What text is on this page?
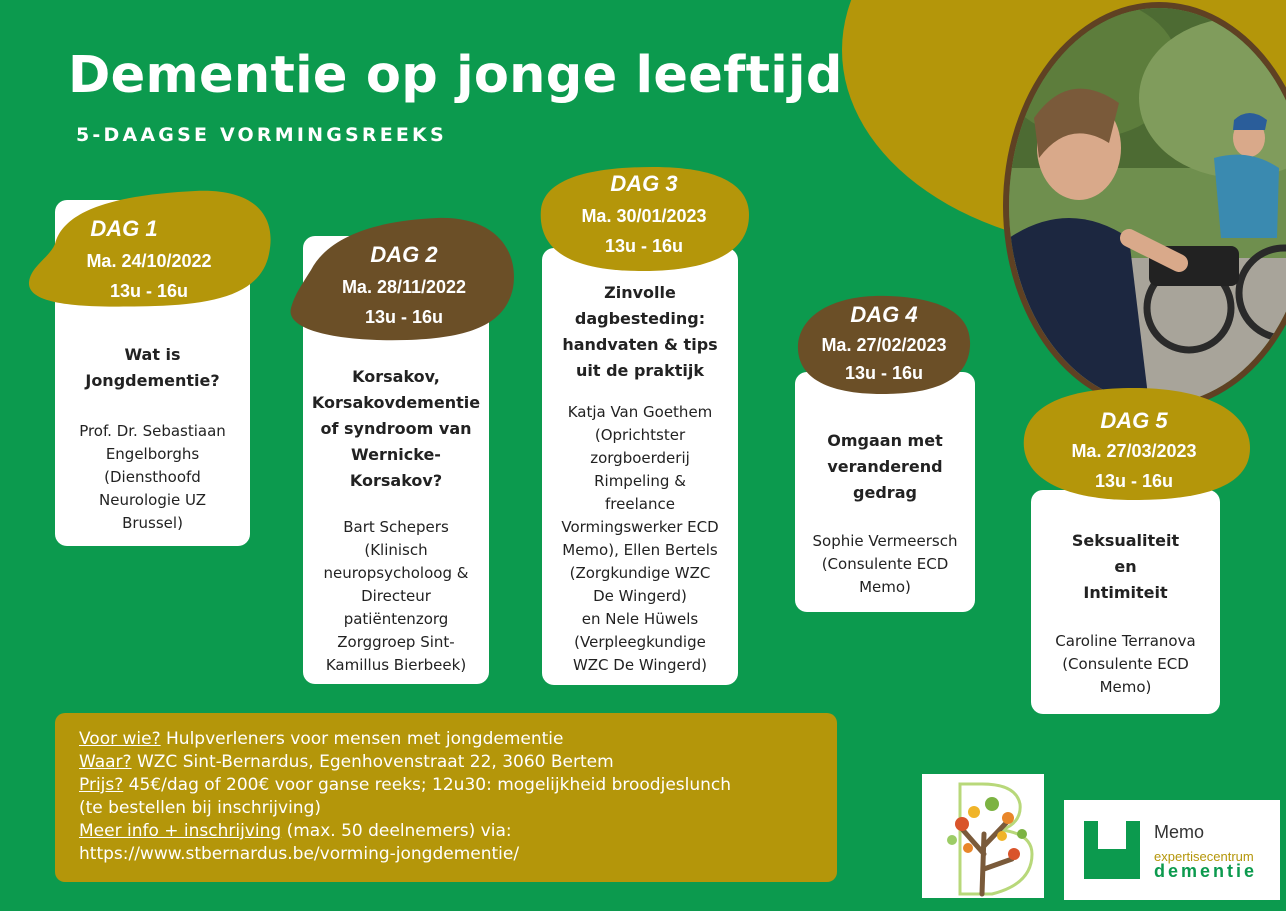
Dementie op jonge leeftijd
5-DAAGSE VORMINGSREEKS
Wat is
Jongdementie?
Prof. Dr. Sebastiaan
Engelborghs
(Diensthoofd
Neurologie UZ
Brussel)
DAG 1
Ma. 24/10/2022
13u - 16u
Korsakov,
Korsakovdementie
of syndroom van
Wernicke-
Korsakov?
Bart Schepers
(Klinisch
neuropsycholoog &
Directeur
patiëntenzorg
Zorggroep Sint-
Kamillus Bierbeek)
DAG 2
Ma. 28/11/2022
13u - 16u
Zinvolle
dagbesteding:
handvaten & tips
uit de praktijk
Katja Van Goethem
(Oprichtster
zorgboerderij
Rimpeling &
freelance
Vormingswerker ECD
Memo), Ellen Bertels
(Zorgkundige WZC
De Wingerd)
en Nele Hüwels
(Verpleegkundige
WZC De Wingerd)
DAG 3
Ma. 30/01/2023
13u - 16u
Omgaan met
veranderend
gedrag
Sophie Vermeersch
(Consulente ECD
Memo)
DAG 4
Ma. 27/02/2023
13u - 16u
Seksualiteit
en
Intimiteit
Caroline Terranova
(Consulente ECD
Memo)
DAG 5
Ma. 27/03/2023
13u - 16u
Voor wie? Hulpverleners voor mensen met jongdementie
Waar? WZC Sint-Bernardus, Egenhovenstraat 22, 3060 Bertem
Prijs? 45€/dag of 200€ voor ganse reeks; 12u30: mogelijkheid broodjeslunch
(te bestellen bij inschrijving)
Meer info + inschrijving (max. 50 deelnemers) via:
https://www.stbernardus.be/vorming-jongdementie/
Memo
expertisecentrum
dementie
